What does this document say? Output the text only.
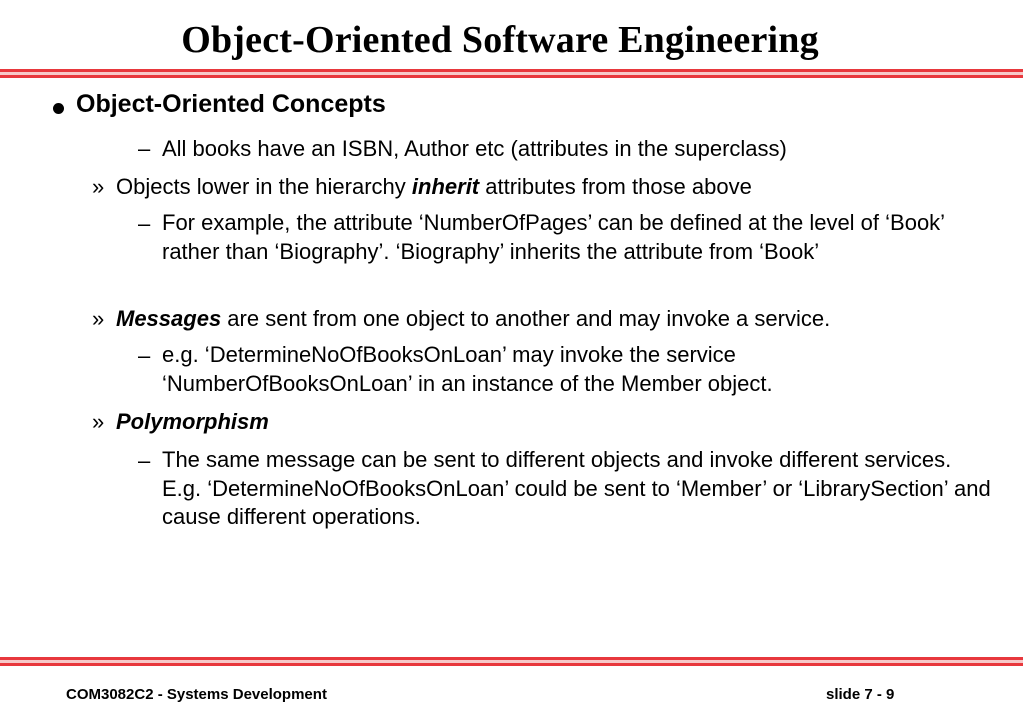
Object-Oriented Software Engineering
Object-Oriented Concepts
– All books have an ISBN, Author etc (attributes in the superclass)
» Objects lower in the hierarchy inherit attributes from those above
– For example, the attribute ‘NumberOfPages’ can be defined at the level of ‘Book’ rather than ‘Biography’. ‘Biography’ inherits the attribute from ‘Book’
» Messages are sent from one object to another and may invoke a service.
– e.g. ‘DetermineNoOfBooksOnLoan’ may invoke the service ‘NumberOfBooksOnLoan’ in an instance of the Member object.
» Polymorphism
– The same message can be sent to different objects and invoke different services. E.g. ‘DetermineNoOfBooksOnLoan’ could be sent to ‘Member’ or ‘LibrarySection’ and cause different operations.
COM3082C2 - Systems Development	slide 7 - 9
